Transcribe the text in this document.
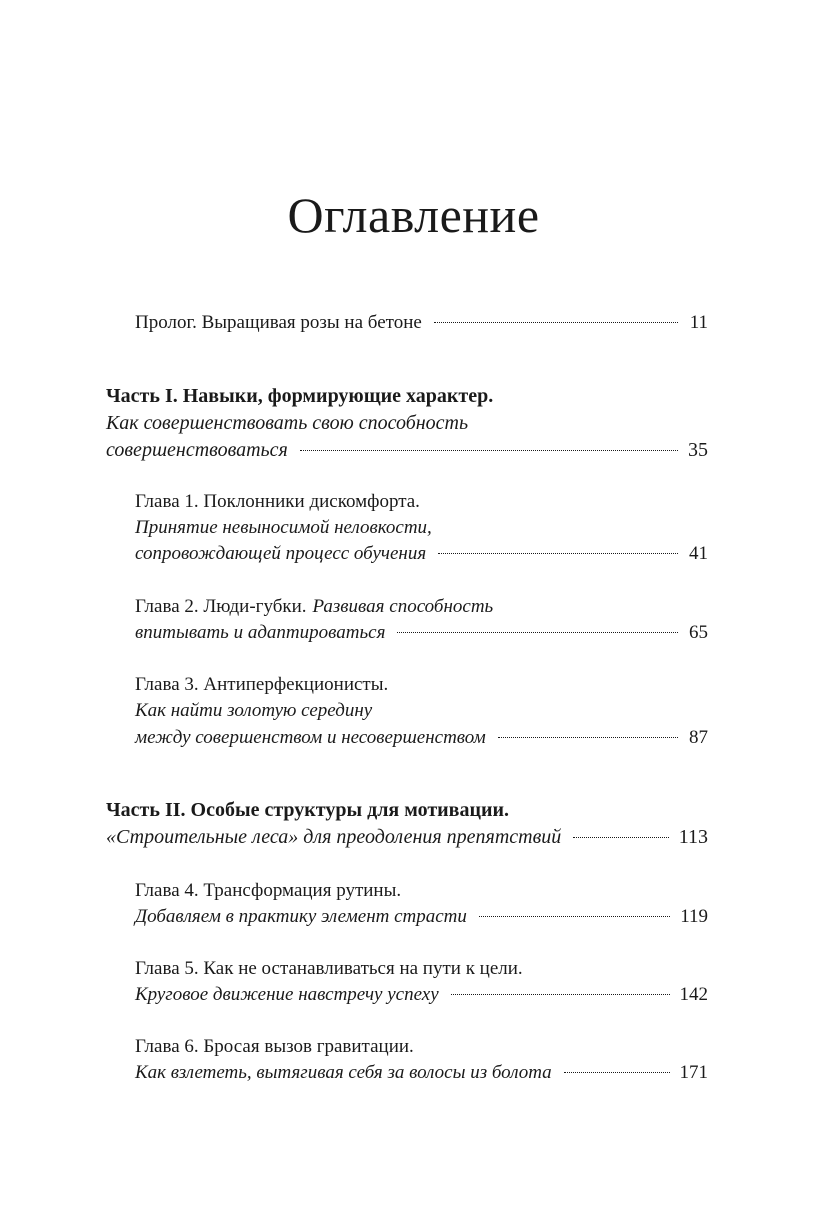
Оглавление
Пролог. Выращивая розы на бетоне	11
Часть I. Навыки, формирующие характер.
Как совершенствовать свою способность
совершенствоваться	35
Глава 1. Поклонники дискомфорта.
Принятие невыносимой неловкости,
сопровождающей процесс обучения	41
Глава 2. Люди-губки. Развивая способность
впитывать и адаптироваться	65
Глава 3. Антиперфекционисты.
Как найти золотую середину
между совершенством и несовершенством	87
Часть II. Особые структуры для мотивации.
«Строительные леса» для преодоления препятствий	113
Глава 4. Трансформация рутины.
Добавляем в практику элемент страсти	119
Глава 5. Как не останавливаться на пути к цели.
Круговое движение навстречу успеху	142
Глава 6. Бросая вызов гравитации.
Как взлететь, вытягивая себя за волосы из болота	171
